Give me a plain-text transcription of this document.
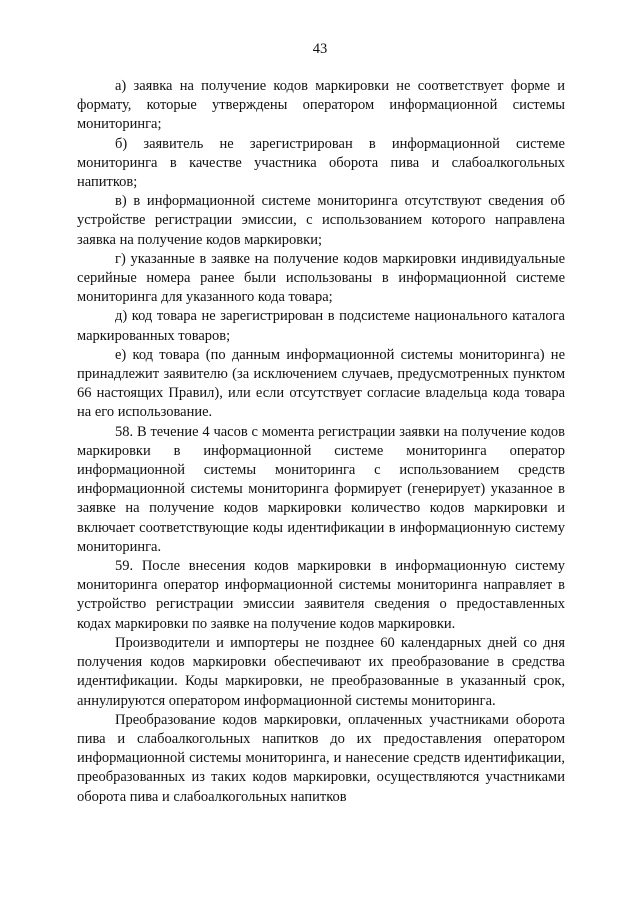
43

а) заявка на получение кодов маркировки не соответствует форме и формату, которые утверждены оператором информационной системы мониторинга;

б) заявитель не зарегистрирован в информационной системе мониторинга в качестве участника оборота пива и слабоалкогольных напитков;

в) в информационной системе мониторинга отсутствуют сведения об устройстве регистрации эмиссии, с использованием которого направлена заявка на получение кодов маркировки;

г) указанные в заявке на получение кодов маркировки индивидуальные серийные номера ранее были использованы в информационной системе мониторинга для указанного кода товара;

д) код товара не зарегистрирован в подсистеме национального каталога маркированных товаров;

е) код товара (по данным информационной системы мониторинга) не принадлежит заявителю (за исключением случаев, предусмотренных пунктом 66 настоящих Правил), или если отсутствует согласие владельца кода товара на его использование.

58. В течение 4 часов с момента регистрации заявки на получение кодов маркировки в информационной системе мониторинга оператор информационной системы мониторинга с использованием средств информационной системы мониторинга формирует (генерирует) указанное в заявке на получение кодов маркировки количество кодов маркировки и включает соответствующие коды идентификации в информационную систему мониторинга.

59. После внесения кодов маркировки в информационную систему мониторинга оператор информационной системы мониторинга направляет в устройство регистрации эмиссии заявителя сведения о предоставленных кодах маркировки по заявке на получение кодов маркировки.

Производители и импортеры не позднее 60 календарных дней со дня получения кодов маркировки обеспечивают их преобразование в средства идентификации. Коды маркировки, не преобразованные в указанный срок, аннулируются оператором информационной системы мониторинга.

Преобразование кодов маркировки, оплаченных участниками оборота пива и слабоалкогольных напитков до их предоставления оператором информационной системы мониторинга, и нанесение средств идентификации, преобразованных из таких кодов маркировки, осуществляются участниками оборота пива и слабоалкогольных напитков
